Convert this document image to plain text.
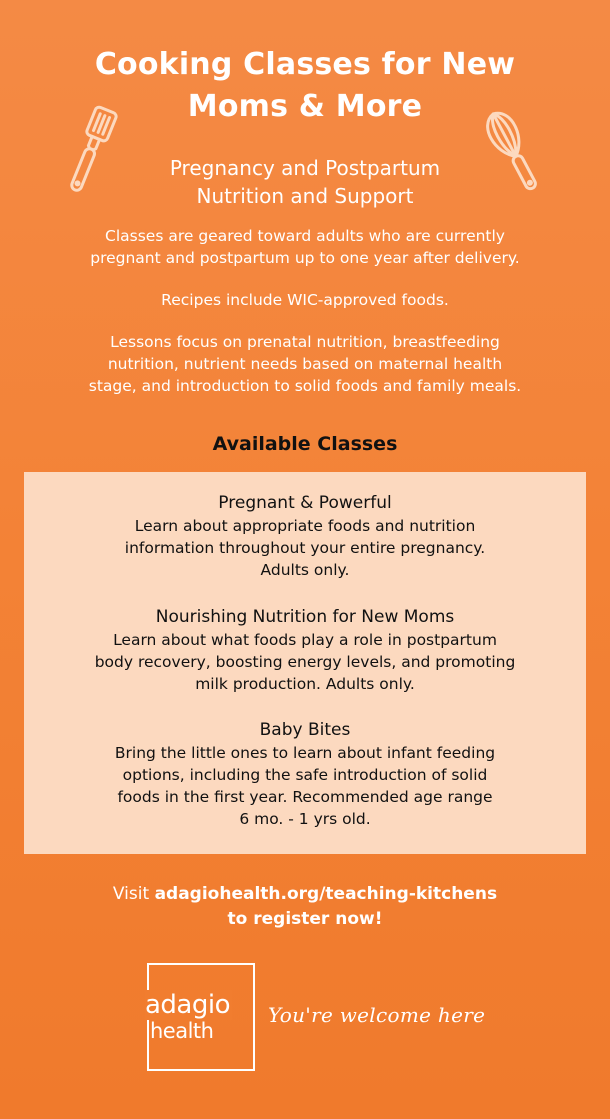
Cooking Classes for New
Moms & More
Pregnancy and Postpartum
Nutrition and Support
Classes are geared toward adults who are currently
pregnant and postpartum up to one year after delivery.
Recipes include WIC-approved foods.
Lessons focus on prenatal nutrition, breastfeeding
nutrition, nutrient needs based on maternal health
stage, and introduction to solid foods and family meals.
Available Classes
Pregnant & Powerful
Learn about appropriate foods and nutrition
information throughout your entire pregnancy.
Adults only.
Nourishing Nutrition for New Moms
Learn about what foods play a role in postpartum
body recovery, boosting energy levels, and promoting
milk production. Adults only.
Baby Bites
Bring the little ones to learn about infant feeding
options, including the safe introduction of solid
foods in the first year. Recommended age range
6 mo. - 1 yrs old.
Visit adagiohealth.org/teaching-kitchens
to register now!
adagio
health
You're welcome here
